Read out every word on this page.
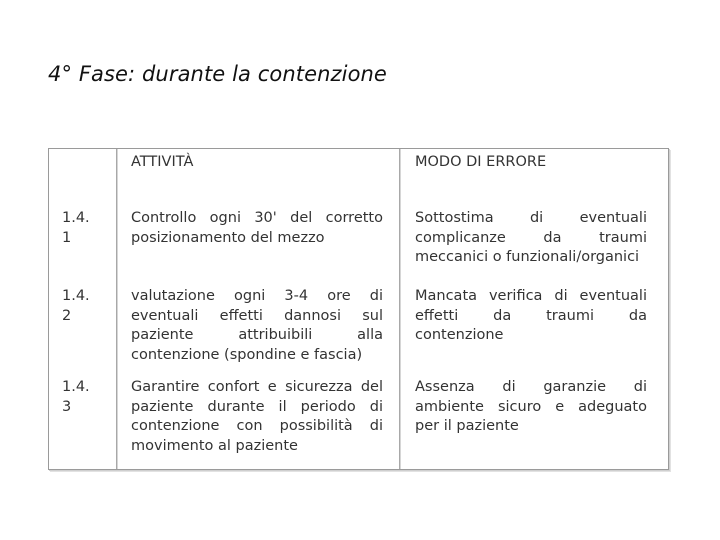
4° Fase: durante la contenzione
ATTIVITÀ	MODO DI ERRORE
1.4. 1
Controllo ogni 30' del corretto posizionamento del mezzo
1.4. 2
valutazione ogni 3-4 ore di eventuali effetti dannosi sul paziente attribuibili alla contenzione (spondine e fascia)
Sottostima di eventuali complicanze da traumi meccanici o funzionali/organici
Mancata verifica di eventuali effetti da traumi da contenzione
1.4. 3
Garantire confort e sicurezza del paziente durante il periodo di contenzione con possibilità di movimento al paziente
Assenza di garanzie di ambiente sicuro e adeguato per il paziente
